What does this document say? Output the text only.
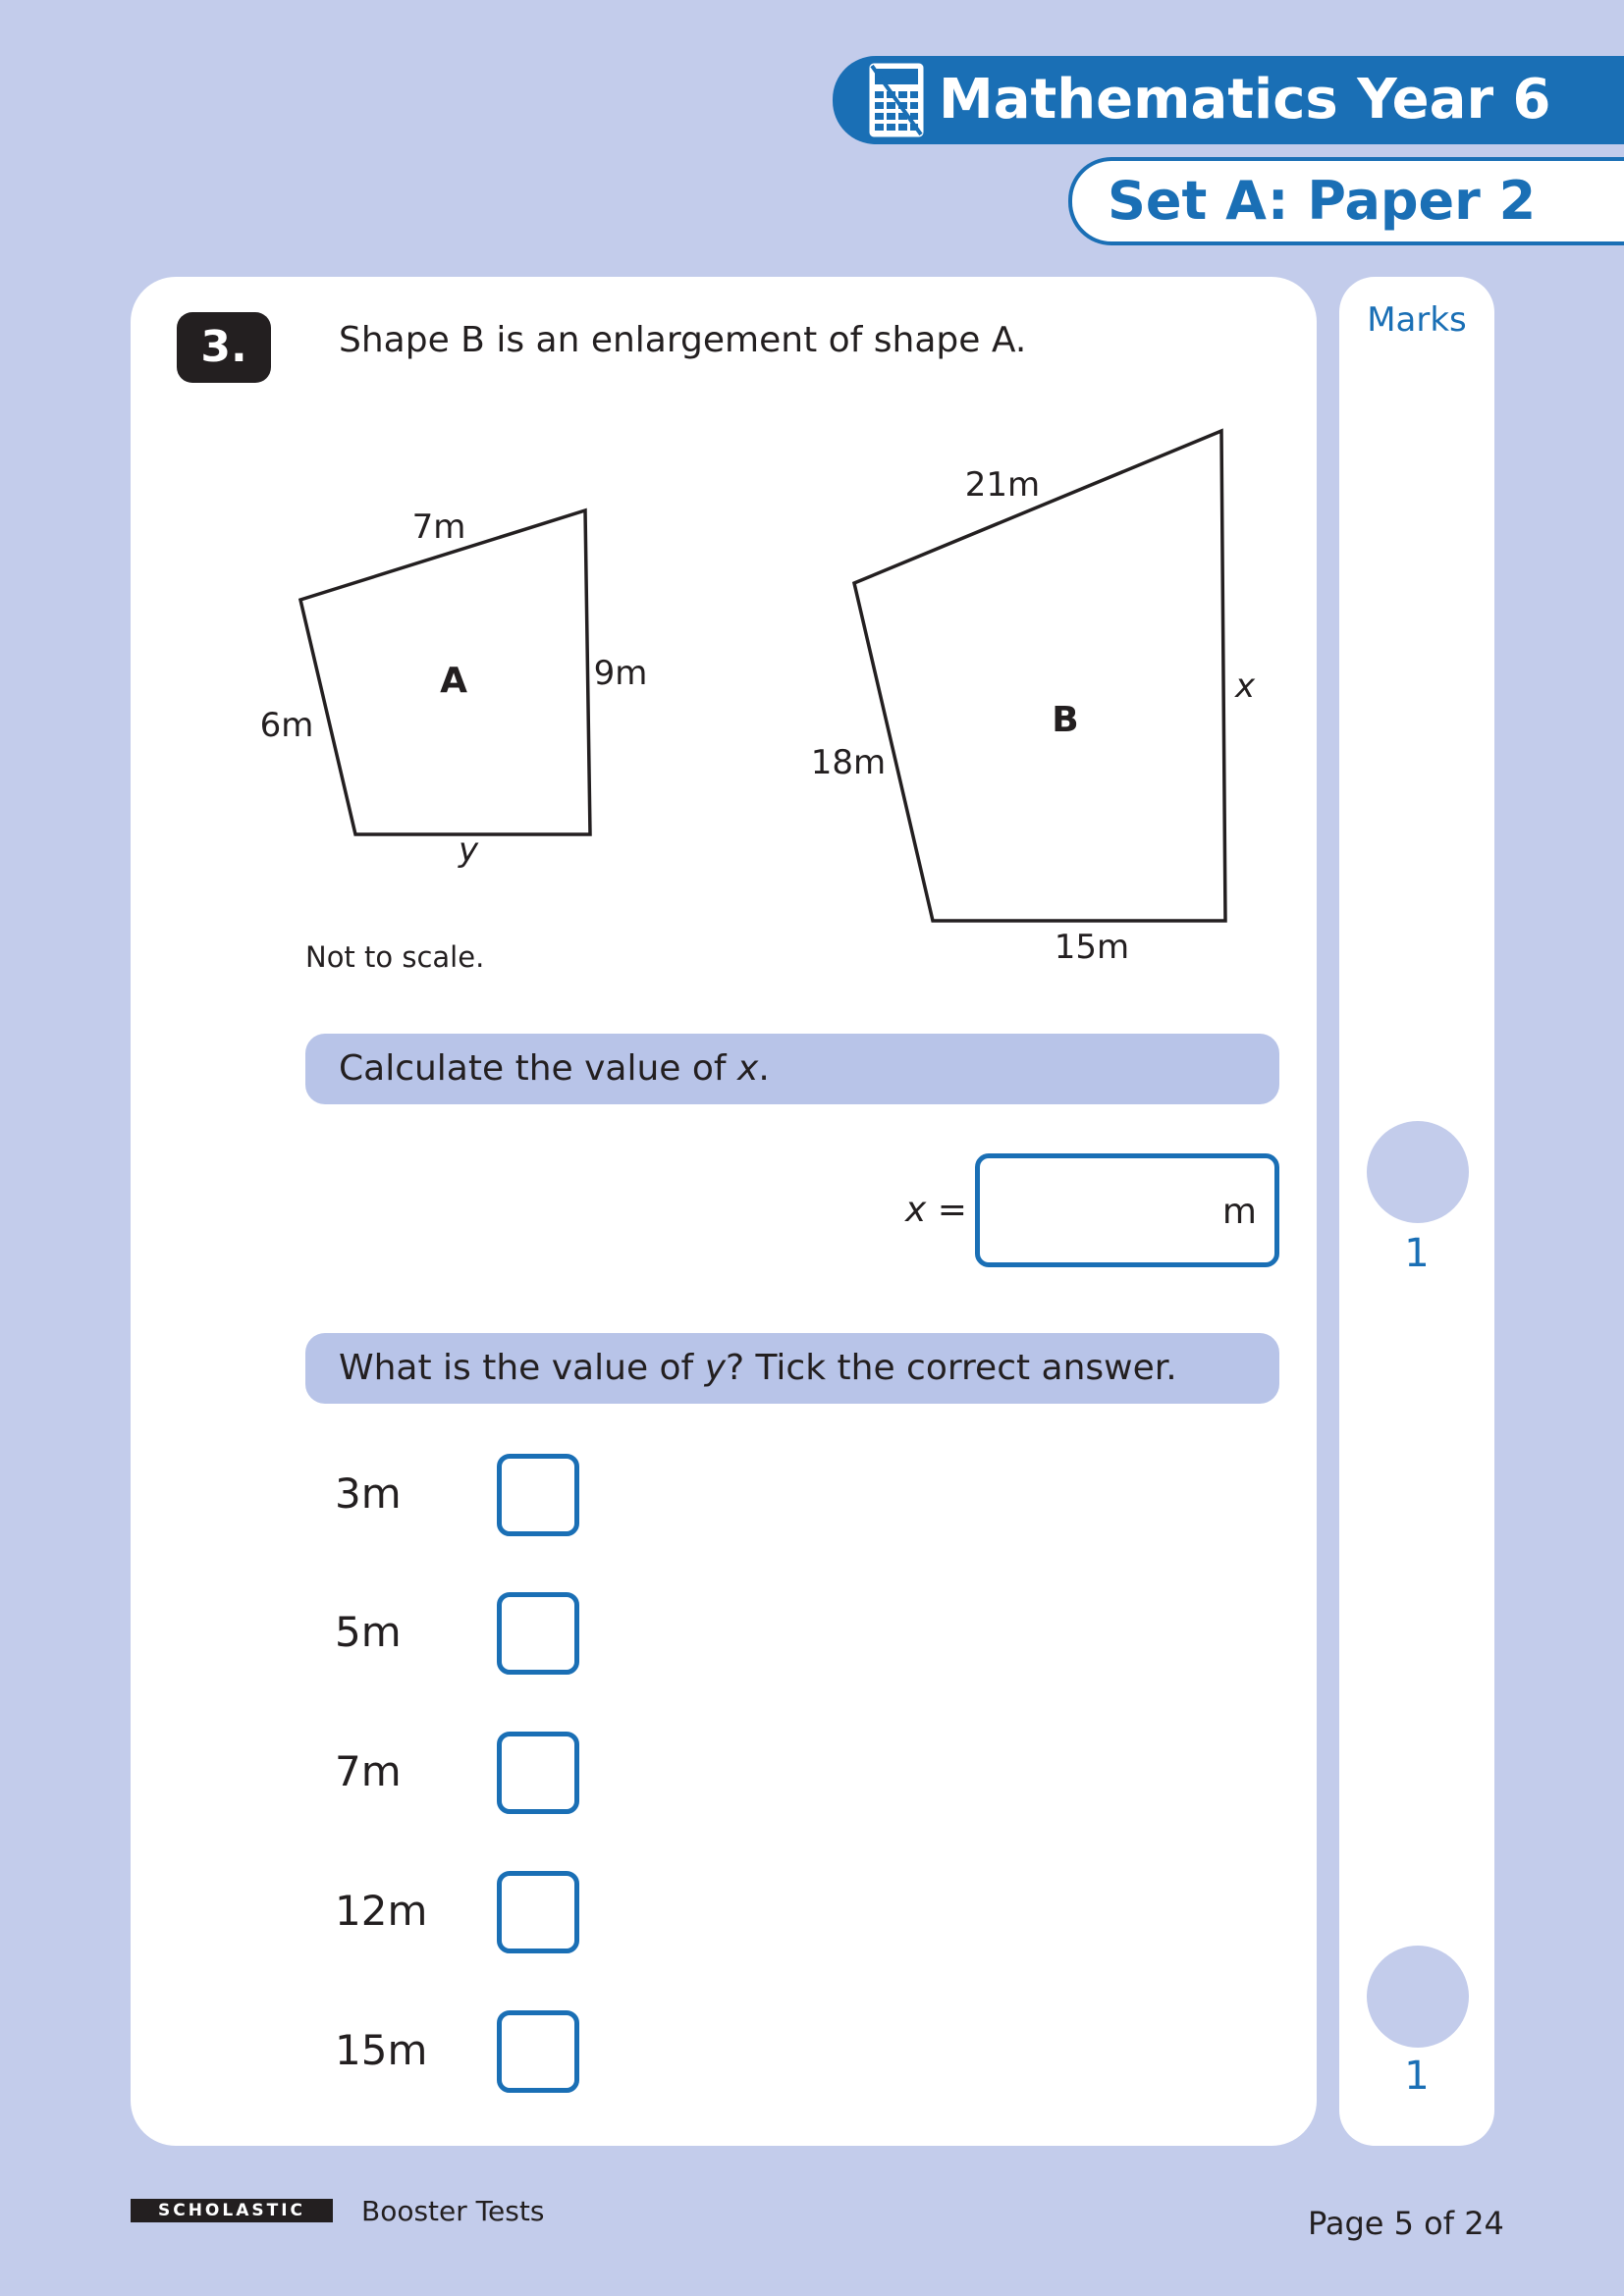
Mathematics Year 6
Set A: Paper 2
Marks
1
1
3.	Shape B is an enlargement of shape A.
A
B
7m
6m
9m
y
21m
18m
x
15m
Not to scale.
Calculate the value of x.
x =	m
What is the value of y? Tick the correct answer.
3m
5m
7m
12m
15m
SCHOLASTIC	Booster Tests	Page 5 of 24
